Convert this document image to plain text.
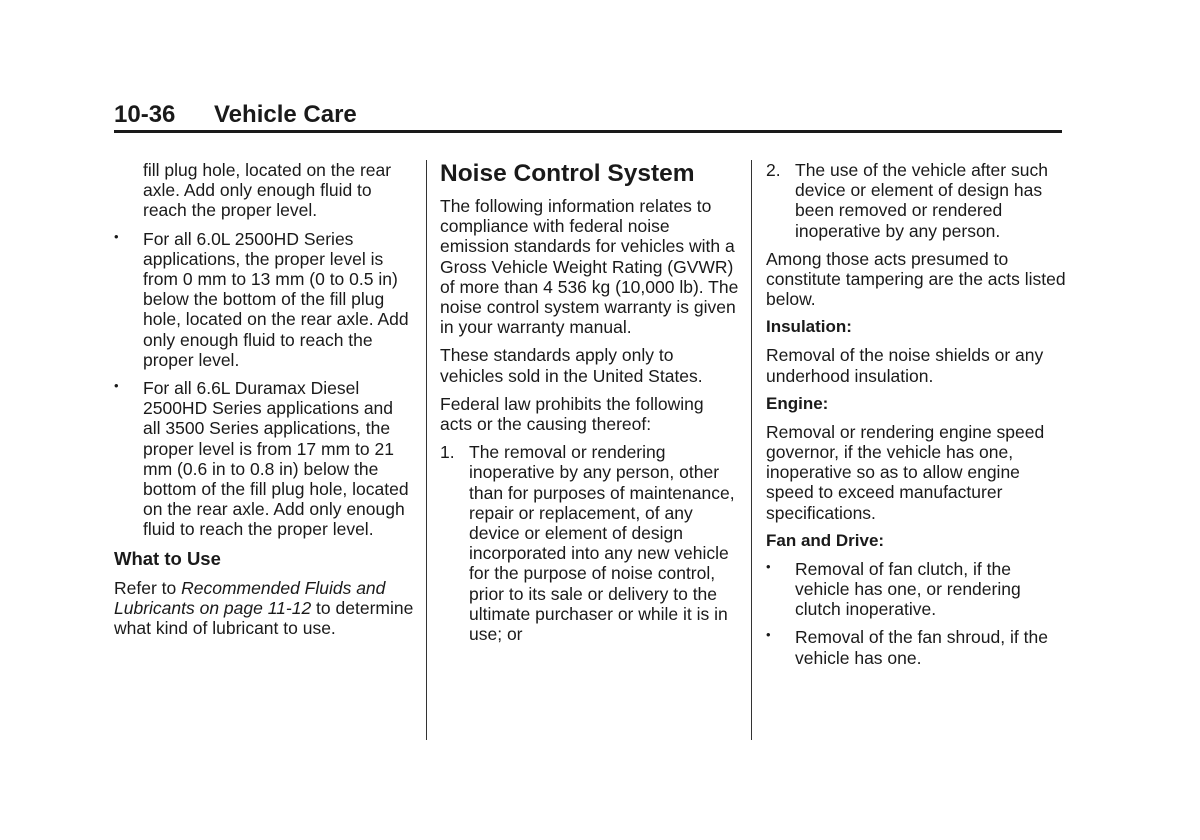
10-36 Vehicle Care

fill plug hole, located on the rear axle. Add only enough fluid to reach the proper level.

• For all 6.0L 2500HD Series applications, the proper level is from 0 mm to 13 mm (0 to 0.5 in) below the bottom of the fill plug hole, located on the rear axle. Add only enough fluid to reach the proper level.
• For all 6.6L Duramax Diesel 2500HD Series applications and all 3500 Series applications, the proper level is from 17 mm to 21 mm (0.6 in to 0.8 in) below the bottom of the fill plug hole, located on the rear axle. Add only enough fluid to reach the proper level.
What to Use

Refer to Recommended Fluids and Lubricants on page 11-12 to determine what kind of lubricant to use.

Noise Control System

The following information relates to compliance with federal noise emission standards for vehicles with a Gross Vehicle Weight Rating (GVWR) of more than 4 536 kg (10,000 lb). The noise control system warranty is given in your warranty manual.

These standards apply only to vehicles sold in the United States.

Federal law prohibits the following acts or the causing thereof:

1. The removal or rendering inoperative by any person, other than for purposes of maintenance, repair or replacement, of any device or element of design incorporated into any new vehicle for the purpose of noise control, prior to its sale or delivery to the ultimate purchaser or while it is in use; or
2. The use of the vehicle after such device or element of design has been removed or rendered inoperative by any person.

Among those acts presumed to constitute tampering are the acts listed below.

Insulation:

Removal of the noise shields or any underhood insulation.

Engine:

Removal or rendering engine speed governor, if the vehicle has one, inoperative so as to allow engine speed to exceed manufacturer specifications.

Fan and Drive:
• Removal of fan clutch, if the vehicle has one, or rendering clutch inoperative.
• Removal of the fan shroud, if the vehicle has one.
